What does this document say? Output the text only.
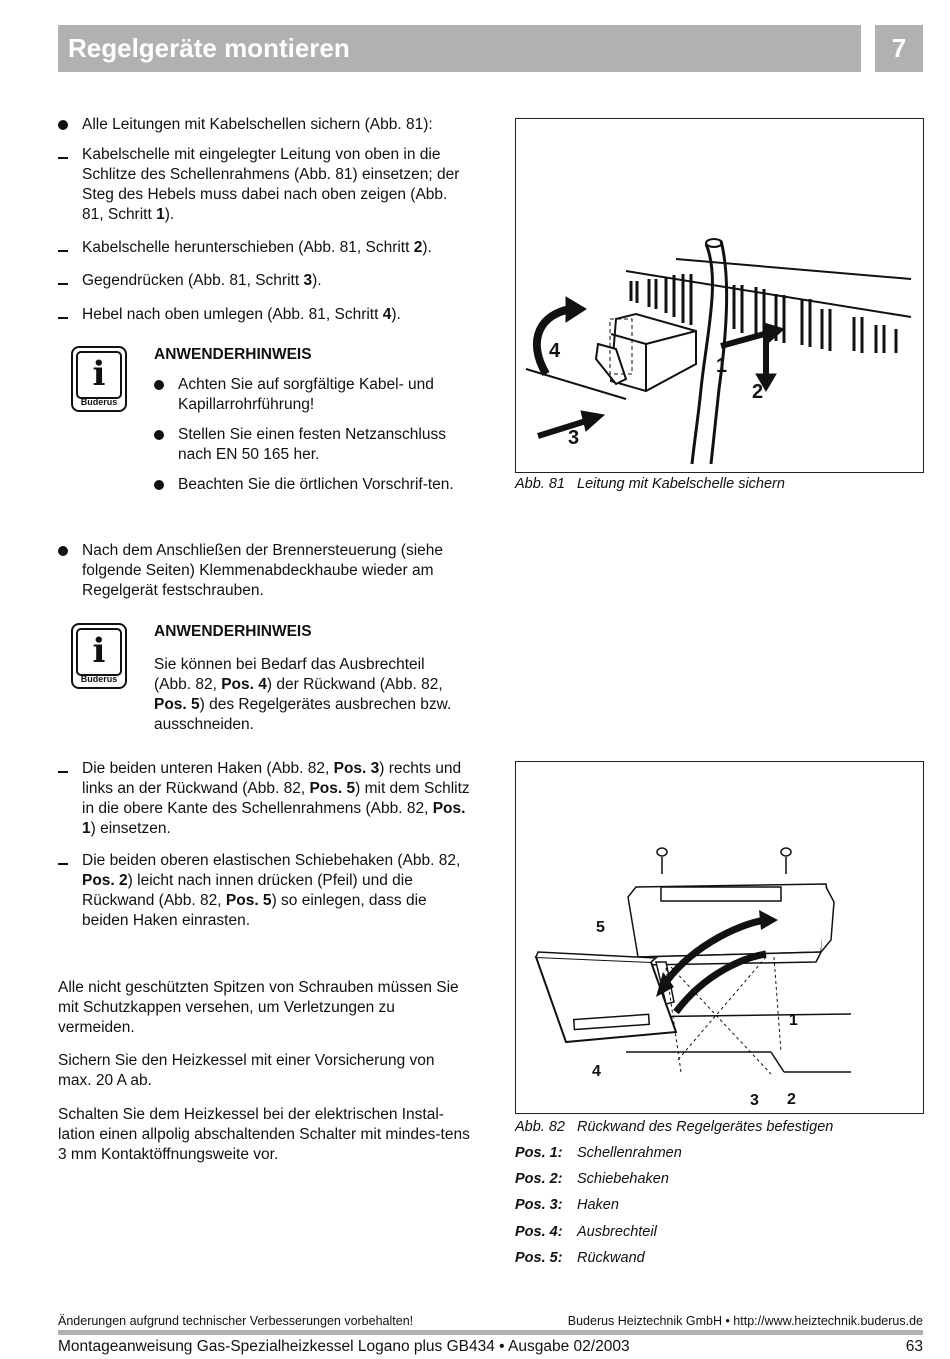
Regelgeräte montieren	7
Alle Leitungen mit Kabelschellen sichern (Abb. 81):
Kabelschelle mit eingelegter Leitung von oben in die Schlitze des Schellenrahmens (Abb. 81) einsetzen; der Steg des Hebels muss dabei nach oben zeigen (Abb. 81, Schritt 1).
Kabelschelle herunterschieben (Abb. 81, Schritt 2).
Gegendrücken (Abb. 81, Schritt 3).
Hebel nach oben umlegen (Abb. 81, Schritt 4).
i
Buderus
ANWENDERHINWEIS
Achten Sie auf sorgfältige Kabel- und Kapillarrohrführung!
Stellen Sie einen festen Netzanschluss nach EN 50 165 her.
Beachten Sie die örtlichen Vorschrif-ten.
Nach dem Anschließen der Brennersteuerung (siehe folgende Seiten) Klemmenabdeckhaube wieder am Regelgerät festschrauben.
i
Buderus
ANWENDERHINWEIS
Sie können bei Bedarf das Ausbrechteil (Abb. 82, Pos. 4) der Rückwand (Abb. 82, Pos. 5) des Regelgerätes ausbrechen bzw. ausschneiden.
Die beiden unteren Haken (Abb. 82, Pos. 3) rechts und links an der Rückwand (Abb. 82, Pos. 5) mit dem Schlitz in die obere Kante des Schellenrahmens (Abb. 82, Pos. 1) einsetzen.
Die beiden oberen elastischen Schiebehaken (Abb. 82, Pos. 2) leicht nach innen drücken (Pfeil) und die Rückwand (Abb. 82, Pos. 5) so einlegen, dass die beiden Haken einrasten.
Alle nicht geschützten Spitzen von Schrauben müssen Sie mit Schutzkappen versehen, um Verletzungen zu vermeiden.
Sichern Sie den Heizkessel mit einer Vorsicherung von max. 20 A ab.
Schalten Sie dem Heizkessel bei der elektrischen Instal-lation einen allpolig abschaltenden Schalter mit mindes-tens 3 mm Kontaktöffnungsweite vor.
4
1
2
3
Abb. 81 Leitung mit Kabelschelle sichern
5
1
4
3 2
Abb. 82 Rückwand des Regelgerätes befestigen
Pos. 1: Schellenrahmen
Pos. 2: Schiebehaken
Pos. 3: Haken
Pos. 4: Ausbrechteil
Pos. 5: Rückwand
Änderungen aufgrund technischer Verbesserungen vorbehalten!	Buderus Heiztechnik GmbH • http://www.heiztechnik.buderus.de
Montageanweisung Gas-Spezialheizkessel Logano plus GB434 • Ausgabe 02/2003	63
